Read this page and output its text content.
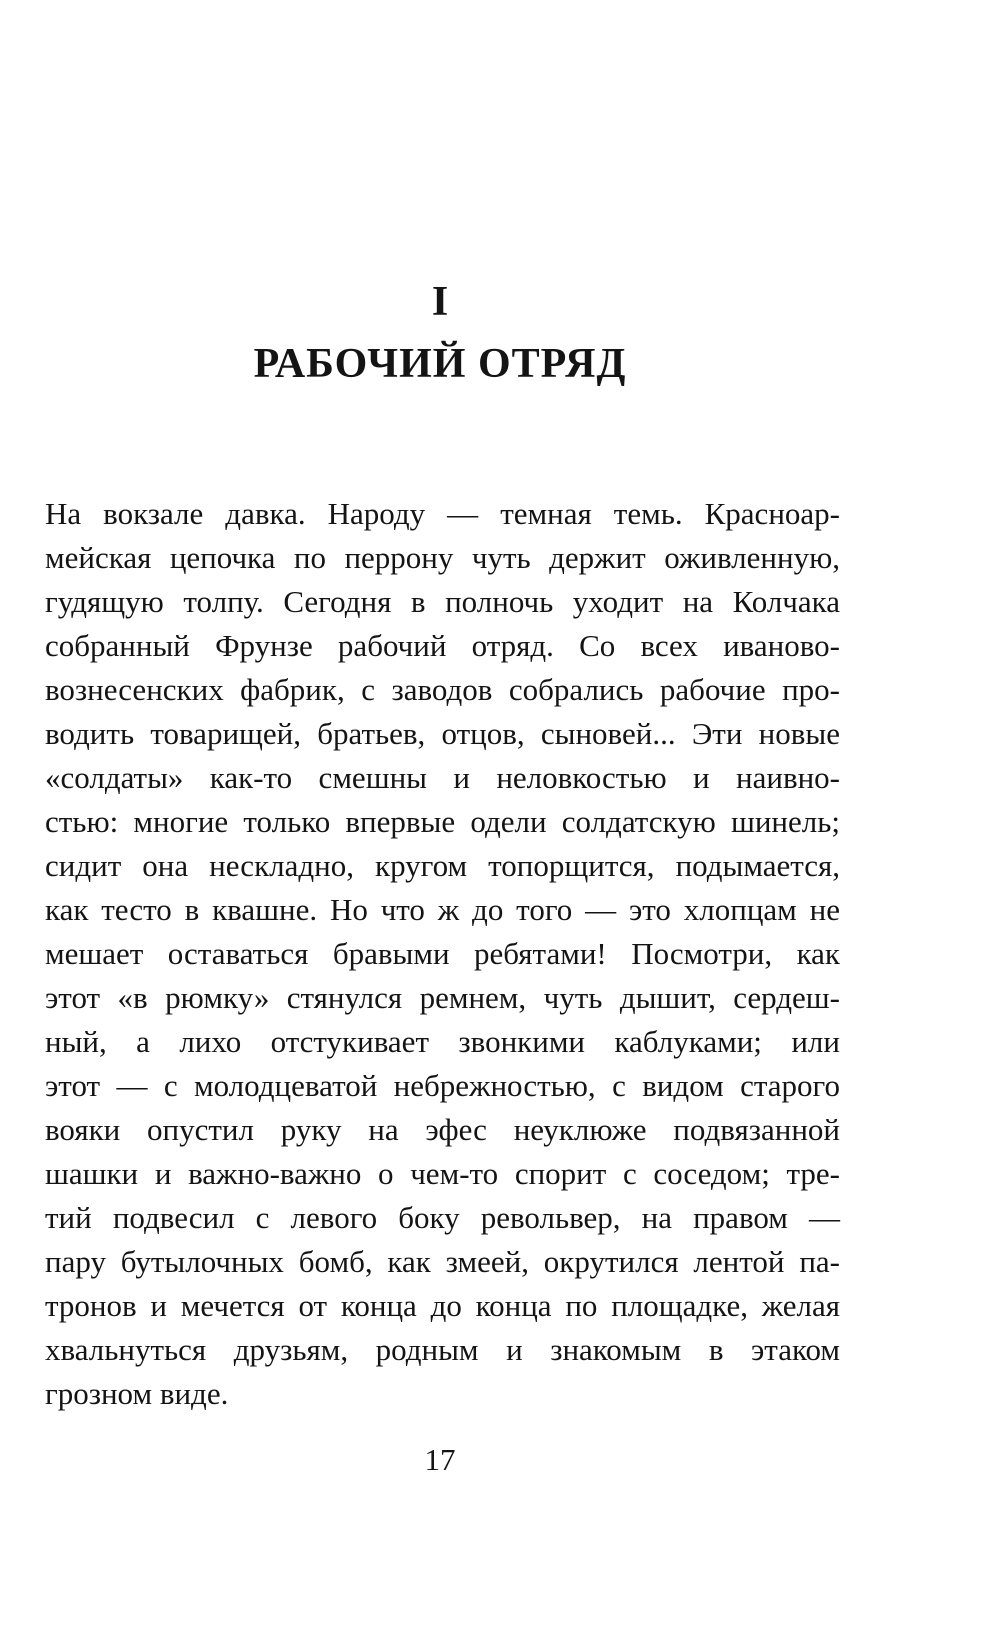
I
РАБОЧИЙ ОТРЯД
На вокзале давка. Народу — темная темь. Красноар-
мейская цепочка по перрону чуть держит оживленную,
гудящую толпу. Сегодня в полночь уходит на Колчака
собранный Фрунзе рабочий отряд. Со всех иваново-
вознесенских фабрик, с заводов собрались рабочие про-
водить товарищей, братьев, отцов, сыновей... Эти новые
«солдаты» как-то смешны и неловкостью и наивно-
стью: многие только впервые одели солдатскую шинель;
сидит она нескладно, кругом топорщится, подымается,
как тесто в квашне. Но что ж до того — это хлопцам не
мешает оставаться бравыми ребятами! Посмотри, как
этот «в рюмку» стянулся ремнем, чуть дышит, сердеш-
ный, а лихо отстукивает звонкими каблуками; или
этот — с молодцеватой небрежностью, с видом старого
вояки опустил руку на эфес неуклюже подвязанной
шашки и важно-важно о чем-то спорит с соседом; тре-
тий подвесил с левого боку револьвер, на правом —
пару бутылочных бомб, как змеей, окрутился лентой па-
тронов и мечется от конца до конца по площадке, желая
хвальнуться друзьям, родным и знакомым в этаком
грозном виде.
17
